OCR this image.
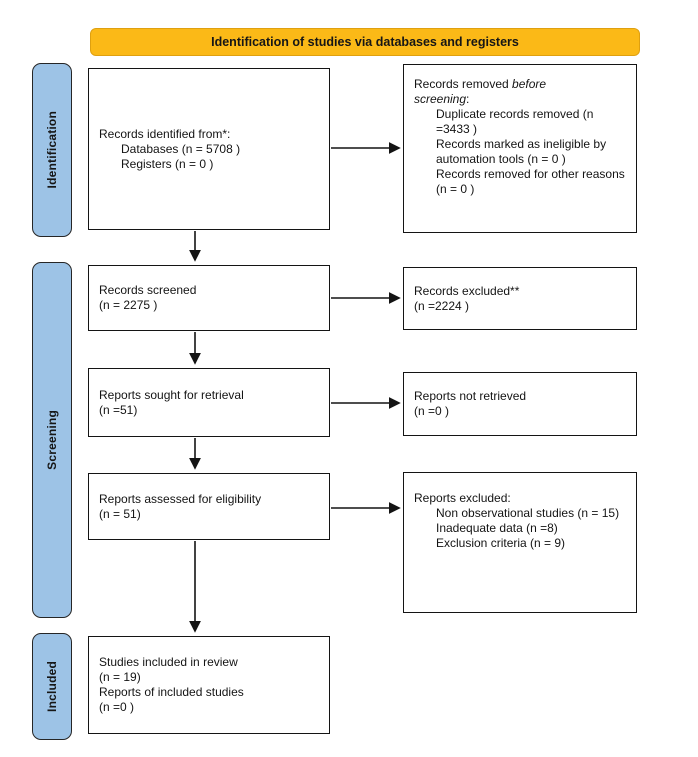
Identification of studies via databases and registers
Identification
Screening
Included
Records identified from*:
Databases (n = 5708 )
Registers (n = 0 )
Records removed before
screening:
Duplicate records removed (n =3433 )
Records marked as ineligible by automation tools (n = 0 )
Records removed for other reasons (n = 0 )
Records screened
(n = 2275 )
Records excluded**
(n =2224 )
Reports sought for retrieval
(n =51)
Reports not retrieved
(n =0 )
Reports assessed for eligibility
(n = 51)
Reports excluded:
Non observational studies (n = 15)
Inadequate data (n =8)
Exclusion criteria (n = 9)
Studies included in review
(n = 19)
Reports of included studies
(n =0 )
